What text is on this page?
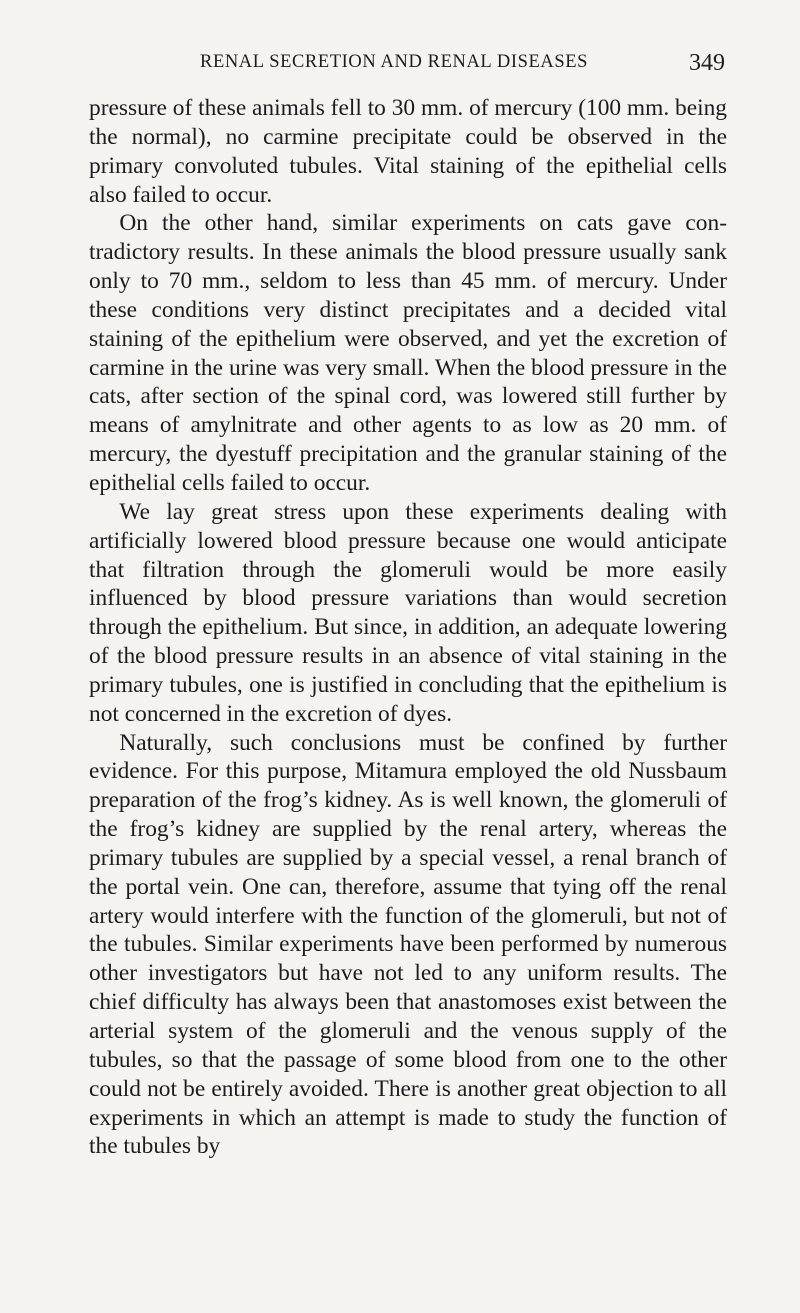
RENAL SECRETION AND RENAL DISEASES	349

pressure of these animals fell to 30 mm. of mercury (100 mm. being the normal), no carmine precipitate could be observed in the primary convoluted tubules. Vital staining of the epithelial cells also failed to occur.

On the other hand, similar experiments on cats gave contradictory results. In these animals the blood pressure usually sank only to 70 mm., seldom to less than 45 mm. of mercury. Under these conditions very distinct precipitates and a decided vital staining of the epithelium were observed, and yet the excretion of carmine in the urine was very small. When the blood pressure in the cats, after section of the spinal cord, was lowered still further by means of amylnitrate and other agents to as low as 20 mm. of mercury, the dyestuff precipitation and the granular staining of the epithelial cells failed to occur.

We lay great stress upon these experiments dealing with artificially lowered blood pressure because one would anticipate that filtration through the glomeruli would be more easily influenced by blood pressure variations than would secretion through the epithelium. But since, in addition, an adequate lowering of the blood pressure results in an absence of vital staining in the primary tubules, one is justified in concluding that the epithelium is not concerned in the excretion of dyes.

Naturally, such conclusions must be confined by further evidence. For this purpose, Mitamura employed the old Nussbaum preparation of the frog’s kidney. As is well known, the glomeruli of the frog’s kidney are supplied by the renal artery, whereas the primary tubules are supplied by a special vessel, a renal branch of the portal vein. One can, therefore, assume that tying off the renal artery would interfere with the function of the glomeruli, but not of the tubules. Similar experiments have been performed by numerous other investigators but have not led to any uniform results. The chief difficulty has always been that anastomoses exist between the arterial system of the glomeruli and the venous supply of the tubules, so that the passage of some blood from one to the other could not be entirely avoided. There is another great objection to all experiments in which an attempt is made to study the function of the tubules by
